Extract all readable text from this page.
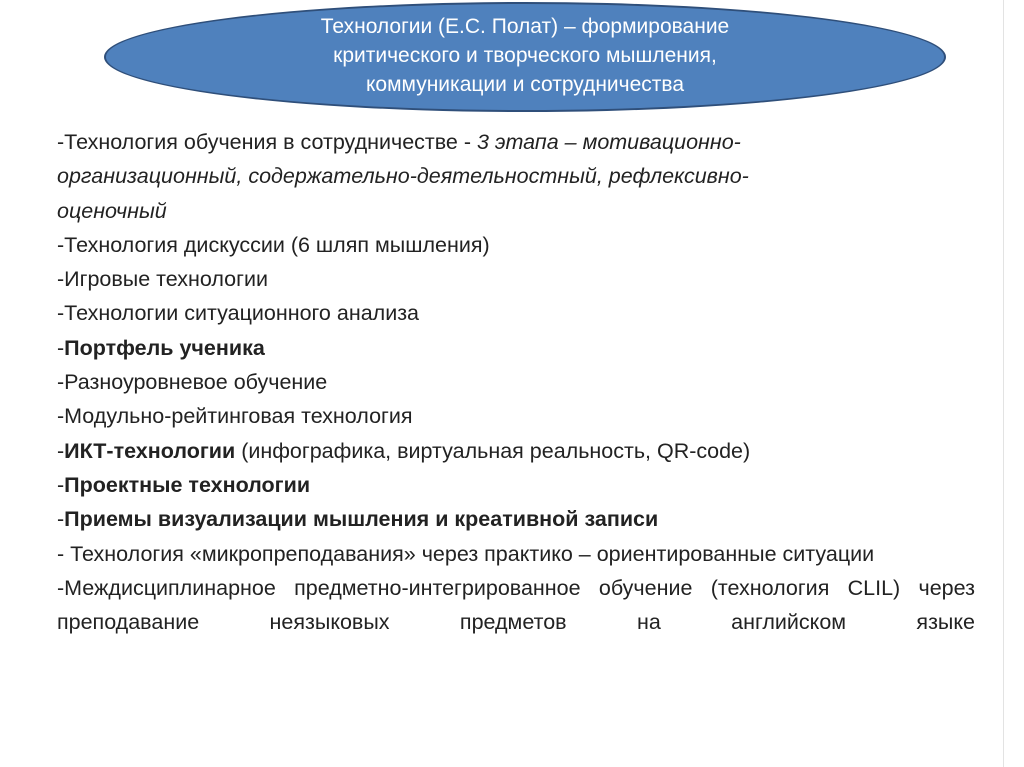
Технологии (Е.С. Полат) – формирование
критического и творческого мышления,
коммуникации и сотрудничества
-Технология обучения в сотрудничестве - 3 этапа – мотивационно-
организационный, содержательно-деятельностный, рефлексивно-
оценочный
-Технология дискуссии (6 шляп мышления)
-Игровые технологии
-Технологии ситуационного анализа
-Портфель ученика
-Разноуровневое обучение
-Модульно-рейтинговая технология
-ИКТ-технологии (инфографика, виртуальная реальность, QR-code)
-Проектные технологии
-Приемы визуализации мышления и креативной записи
- Технология «микропреподавания» через практико – ориентированные ситуации
-Междисциплинарное предметно-интегрированное обучение (технология CLIL) через преподавание неязыковых предметов на английском языке
